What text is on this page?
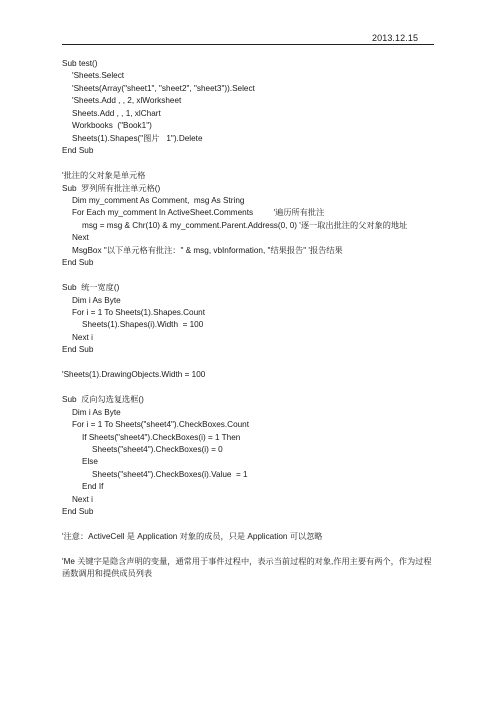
2013.12.15
Sub test()
'Sheets.Select
'Sheets(Array("sheet1", "sheet2", "sheet3")).Select
'Sheets.Add , , 2, xlWorksheet
Sheets.Add , , 1, xlChart
Workbooks  ("Book1")
Sheets(1).Shapes("图片   1").Delete
End Sub
'批注的父对象是单元格
Sub  罗列所有批注单元格()
Dim my_comment As Comment,  msg As String
For Each my_comment In ActiveSheet.Comments         '遍历所有批注
msg = msg & Chr(10) & my_comment.Parent.Address(0, 0) '逐一取出批注的父对象的地址
Next
MsgBox "以下单元格有批注：" & msg, vbInformation, "结果报告" '报告结果
End Sub
Sub  统一宽度()
Dim i As Byte
For i = 1 To Sheets(1).Shapes.Count
Sheets(1).Shapes(i).Width  = 100
Next i
End Sub
'Sheets(1).DrawingObjects.Width = 100
Sub  反向勾选复选框()
Dim i As Byte
For i = 1 To Sheets("sheet4").CheckBoxes.Count
If Sheets("sheet4").CheckBoxes(i) = 1 Then
Sheets("sheet4").CheckBoxes(i) = 0
Else
Sheets("sheet4").CheckBoxes(i).Value  = 1
End If
Next i
End Sub
'注意：ActiveCell 是 Application 对象的成员，只是 Application 可以忽略
'Me 关键字是隐含声明的变量，通常用于事件过程中，表示当前过程的对象,作用主要有两个，作为过程函数调用和提供成员列表
